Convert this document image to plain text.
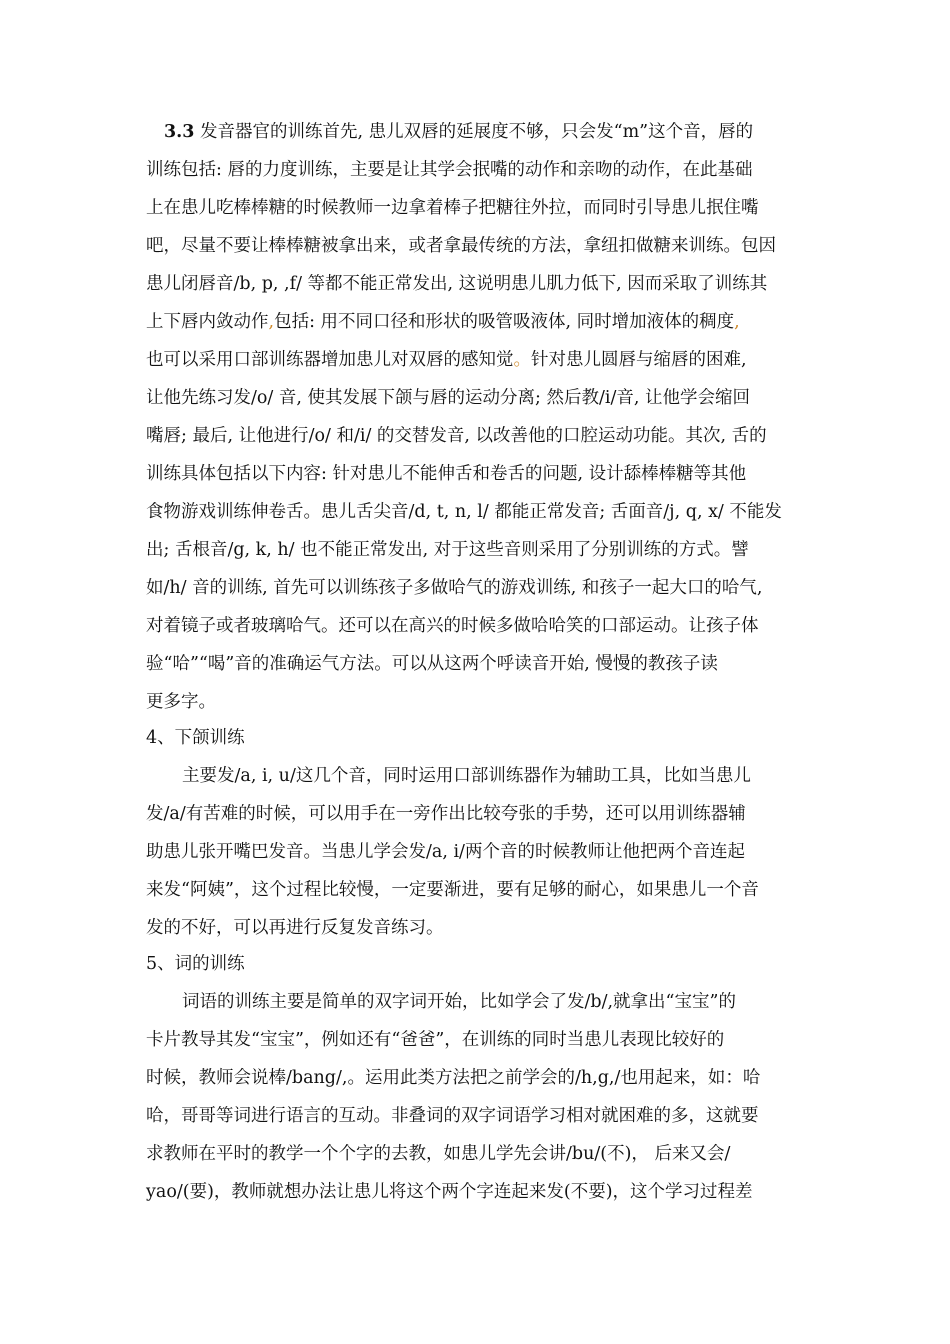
3.3 发音器官的训练首先, 患儿双唇的延展度不够，只会发“m”这个音，唇的
训练包括: 唇的力度训练，主要是让其学会抿嘴的动作和亲吻的动作，在此基础
上在患儿吃棒棒糖的时候教师一边拿着棒子把糖往外拉，而同时引导患儿抿住嘴
吧，尽量不要让棒棒糖被拿出来，或者拿最传统的方法，拿纽扣做糖来训练。包因
患儿闭唇音/b, p, ,f/ 等都不能正常发出, 这说明患儿肌力低下, 因而采取了训练其
上下唇内敛动作,包括: 用不同口径和形状的吸管吸液体, 同时增加液体的稠度,
也可以采用口部训练器增加患儿对双唇的感知觉。针对患儿圆唇与缩唇的困难,
让他先练习发/o/ 音, 使其发展下颌与唇的运动分离; 然后教/i/音, 让他学会缩回
嘴唇; 最后, 让他进行/o/ 和/i/ 的交替发音, 以改善他的口腔运动功能。其次, 舌的
训练具体包括以下内容: 针对患儿不能伸舌和卷舌的问题, 设计舔棒棒糖等其他
食物游戏训练伸卷舌。患儿舌尖音/d, t, n, l/ 都能正常发音; 舌面音/j, q, x/ 不能发
出; 舌根音/g, k, h/ 也不能正常发出, 对于这些音则采用了分别训练的方式。譬
如/h/ 音的训练, 首先可以训练孩子多做哈气的游戏训练, 和孩子一起大口的哈气,
对着镜子或者玻璃哈气。还可以在高兴的时候多做哈哈笑的口部运动。让孩子体
验“哈”“喝”音的准确运气方法。可以从这两个呼读音开始, 慢慢的教孩子读
更多字。
4、下颌训练
主要发/a, i, u/这几个音，同时运用口部训练器作为辅助工具，比如当患儿
发/a/有苦难的时候，可以用手在一旁作出比较夸张的手势，还可以用训练器辅
助患儿张开嘴巴发音。当患儿学会发/a, i/两个音的时候教师让他把两个音连起
来发“阿姨”，这个过程比较慢，一定要渐进，要有足够的耐心，如果患儿一个音
发的不好，可以再进行反复发音练习。
5、词的训练
词语的训练主要是简单的双字词开始，比如学会了发/b/,就拿出“宝宝”的
卡片教导其发“宝宝”，例如还有“爸爸”，在训练的同时当患儿表现比较好的
时候，教师会说棒/bang/,。运用此类方法把之前学会的/h,g,/也用起来，如：哈
哈，哥哥等词进行语言的互动。非叠词的双字词语学习相对就困难的多，这就要
求教师在平时的教学一个个字的去教，如患儿学先会讲/bu/(不)， 后来又会/
yao/(要)，教师就想办法让患儿将这个两个字连起来发(不要)，这个学习过程差
